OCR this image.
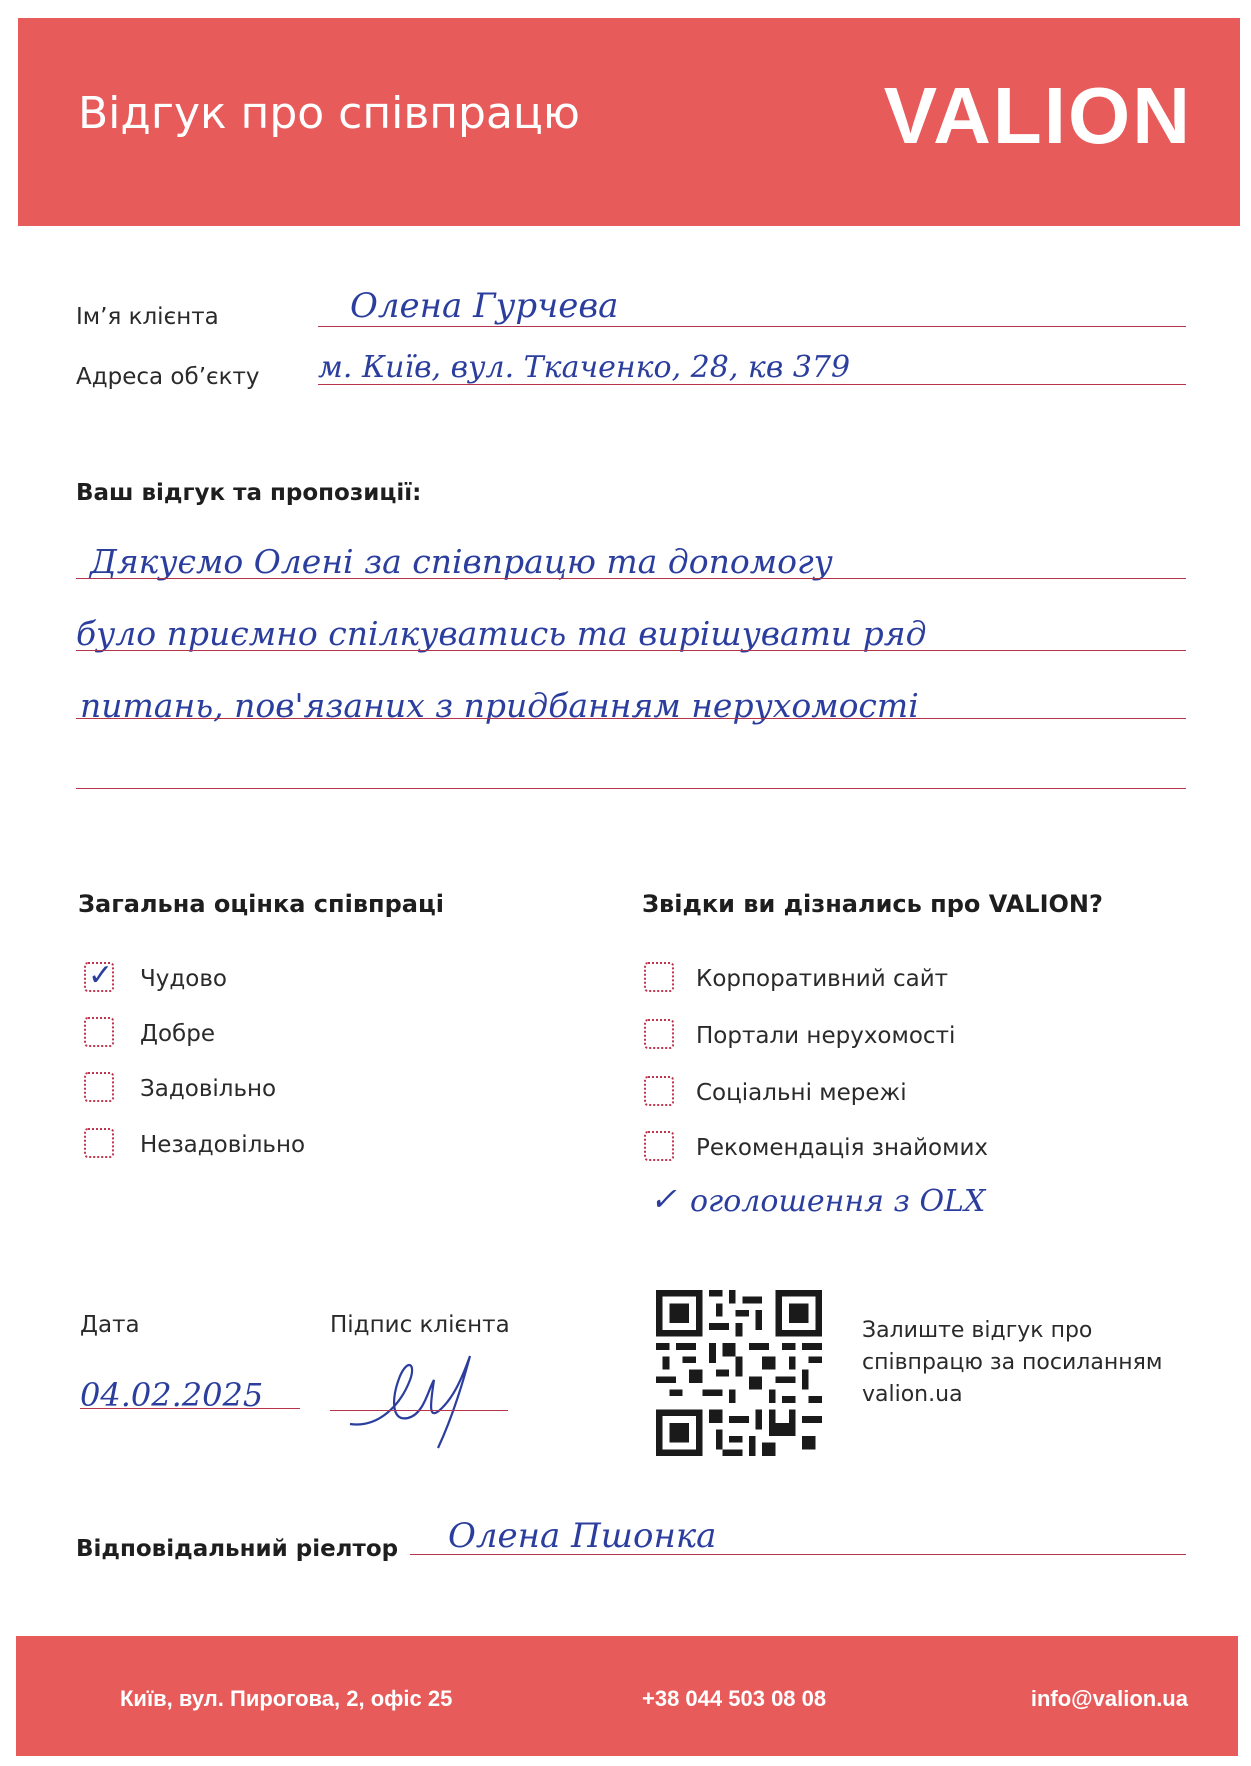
Відгук про співпрацю	VALION
Ім’я клієнта	Олена Гурчева
Адреса об’єкту м. Київ, вул. Ткаченко, 28, кв 379
Ваш відгук та пропозиції:
Дякуємо Олені за співпрацю та допомогу
було приємно спілкуватись та вирішувати ряд
питань, пов'язаних з придбанням нерухомості
Загальна оцінка співпраці
✓ Чудово
Добре
Задовільно
Незадовільно
Звідки ви дізнались про VALION?
Корпоративний сайт
Портали нерухомості
Соціальні мережі
Рекомендація знайомих
✓ оголошення з OLX
Дата
04.02.2025
Підпис клієнта	Залиште відгук про
співпрацю за посиланням
valion.ua
Відповідальний ріелтор Олена Пшонка
Київ, вул. Пирогова, 2, офіс 25	+38 044 503 08 08	info@valion.ua
